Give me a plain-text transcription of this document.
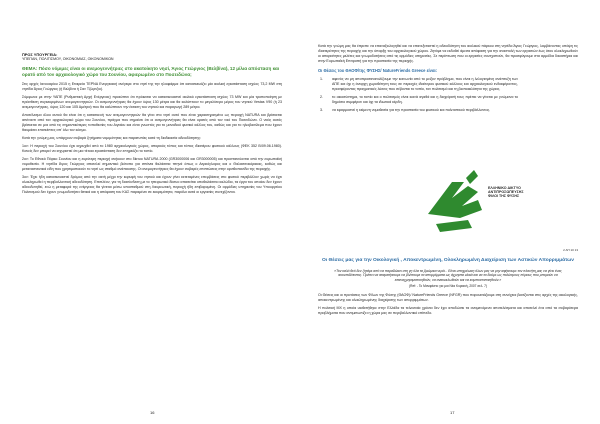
ΠΡΟΣ ΥΠΟΥΡΓΕΙΑ:

ΥΠΕΠΑΝ, ΠΟΛΙΤΙΣΜΟΥ, ΟΙΚΟΝΟΜΙΑΣ, ΟΙΚΟΝΟΜΙΚΩΝ

ΘΕΜΑ: Πόσο νόμιμες είναι οι ανεμογεννήτριες στο ακατοίκητο νησί, Άγιος Γεώργιος (Βελβίνα), 12 μίλια απόσταση και ορατό από τον αρχαιολογικό χώρο του Σουνίου, αφιερωμένο στο Ποσειδώνα;

Στις αρχές Ιανουαρίου 2015 η Εταιρεία ΤΕΡΝΑ Ενεργειακή ανέγειρε στο νησί της την ηλιοφάρμα όπ κατασκευάζει μία αιολική εγκατάσταση ισχύος 73,2 MW στη νησίδα Άγιος Γεώργιος (ή Βελβίνα ή Σαν Τζώρτζιο).

Σύμφωνα με στην ΥΑΠΕ (Ρυθμιστική Αρχή Ενέργειας) προκύπτει ότι πρόκειται να κατασκευαστεί αιολικό εγκατάσταση ισχύος 73 MW και μία τροποποίηση με πρόσθεση συγκεκριμένων ανεμογεννητριών. Οι ανεμογεννήτριες θα έχουν ύψος 130 μέτρα και θα καλύπτουν το μεγαλύτερο μέρος του νησιού Vestas V90 (ή 23 ανεμογεννήτριες, ύψος 120 και 105 Αμέτρα) που θα καλύπτουν την έκταση του νησιού και παραγωγή 289 μέτρα.

Αποτέλεσμα όλου αυτού θα είναι ότι η κατασκευή των ανεμογεννητριών θα γίνει στο νησί αυτό που είναι χαρακτηρισμένο ως περιοχή NATURA και βρίσκεται απέναντι από τον αρχαιολογικό χώρο του Σουνίου, πράγμα που σημαίνει ότι οι ανεμογεννήτριες θα είναι ορατές από τον ναό του Ποσειδώνα. Ο ναός αυτός βρίσκεται σε μια από τις σημαντικότερες τοποθεσίες του Αιγαίου και είναι γνωστός για το μοναδικό φυσικό κάλλος του, καθώς και για το ηλιοβασίλεμα που έχουν θαυμάσει επισκέπτες απ' όλο τον κόσμο.

Κατά την γνώμη μας, υπάρχουν σοβαρά ζητήματα νομιμότητας και παρατυπίες κατά τη διαδικασία αδειοδότησης:

1ον: Η περιοχή του Σουνίου έχει κηρυχθεί από το 1980 αρχαιολογικός χώρος, ιστορικός τόπος και τόπος ιδιαιτέρου φυσικού κάλλους (ΦΕΚ 352 Β/09.06.1980). Κανείς δεν μπορεί να ισχυριστεί ότι μια τέτοια εγκατάσταση δεν επηρεάζει το τοπίο.

2ον: Το Εθνικό Πάρκο Σουνίου και η ευρύτερη περιοχή ανήκουν στο δίκτυο NATURA 2000 (GR3000006 και GR3000005) και προστατεύονται από την ευρωπαϊκή νομοθεσία. Η νησίδα Άγιος Γεώργιος αποτελεί σημαντικό βιότοπο για σπάνια θαλάσσια πτηνά όπως ο Αιγαιόγλαρος και ο Θαλασσοκόρακας, καθώς και μεταναστευτικά είδη που χρησιμοποιούν το νησί ως σταθμό ανάπαυσης. Οι ανεμογεννήτριες θα έχουν σοβαρές επιπτώσεις στην ορνιθοπανίδα της περιοχής.

3ον: Έχει ήδη κατασκευαστεί δρόμος από την ακτή μέχρι την κορυφή του νησιού και έχουν γίνει εκτεταμένες επεμβάσεις στο φυσικό περιβάλλον χωρίς να έχει ολοκληρωθεί η περιβαλλοντική αδειοδότηση. Επιπλέον, για τη διασύνδεση με το ηπειρωτικό δίκτυο απαιτείται υποθαλάσσιο καλώδιο, τα έργα του οποίου δεν έχουν αδειοδοτηθεί, ενώ η μεταφορά της ενέργειας θα γίνεται μέσω υποσταθμού στη Λαυρεωτική, περιοχή ήδη επιβαρυμένη. Οι αρμόδιες υπηρεσίες του Υπουργείου Πολιτισμού δεν έχουν γνωμοδοτήσει θετικά και η απόφαση του ΚΑΣ παραμένει σε εκκρεμότητα, παρόλα αυτά οι εργασίες συνεχίζονται.

16

Κατά την γνώμη μας θα έπρεπε να επαναξιολογηθεί και να επανεξεταστεί η αδειοδότηση του αιολικού πάρκου στη νησίδα Άγιος Γεώργιος, λαμβάνοντας υπόψη τις ιδιαιτερότητες της περιοχής και την ύπαρξη του αρχαιολογικού χώρου. Ζητάμε να εκδοθεί άμεσα απόφαση για την αναστολή των εργασιών έως ότου ολοκληρωθούν οι απαραίτητες μελέτες και γνωμοδοτήσεις από τις αρμόδιες υπηρεσίες. Σε περίπτωση που οι εργασίες συνεχιστούν, θα προσφύγουμε στα αρμόδια δικαστήρια και στην Ευρωπαϊκή Επιτροπή για την προστασία της περιοχής.

Οι Θέσεις του ΘΑΟΦ/της ΦΥΣΗΣ/ NatureFriends Greece είναι:

1.	αφενός να μη αποπροσανατολίζουμε την κοινωνία από το μείζον πρόβλημα, που είναι η λελογισμένη ανάπτυξη των ΑΠΕ και όχι η άναρχη χωροθέτηση τους σε περιοχές ιδιαίτερου φυσικού κάλλους και αρχαιολογικού ενδιαφέροντος, προσφέροντας πραγματικές λύσεις που σέβονται το τοπίο, τον πολιτισμό και τη βιοποικιλότητα της χώρας.
2.	το οικοσύστημα, το τοπίο και ο πολιτισμός είναι κοινά αγαθά και η διαχείρισή τους πρέπει να γίνεται με γνώμονα το δημόσιο συμφέρον και όχι τα ιδιωτικά κέρδη.
3.	να εφαρμοστεί η κείμενη νομοθεσία για την προστασία του φυσικού και πολιτιστικού περιβάλλοντος.
ΕΛΛΗΝΙΚΟ ΔΙΚΤΥΟ
ΑΝΤΙΠΡΟΣΩΠΕΥΣΗΣ
ΦΙΛΟΙ ΤΗΣ ΦΥΣΗΣ
2 ΑΠ 10 13

Οι Θέσεις μας για την Οικολογική , Αποκεντρωμένη, Ολοκληρωμένη Διαχείριση των Αστικών Απορριμμάτων

«Τον καλό θεό δεν ζητάμε από να παραδώσει στη γη όλα τα βρώμικα νερά... Είναι υποχρέωση όλων μας να μην αφήσουμε τον πλανήτη μας να γίνει ένας σκουπιδότοπος. Πρέπει να σταματήσουμε να βλέπουμε τα απορρίμματα ως άχρηστα υλικά και να τα δούμε ως πολύτιμους πόρους που μπορούν να επαναχρησιμοποιηθούν, να ανακυκλωθούν και να κομποστοποιηθούν.»

(Ref: - Το Μανιφέστο για μια Νέα Κυριακή, 2007 σελ. 7)

Οι Θέσεις και οι προτάσεις των Φίλων της Φύσης (ΘΑΟΦ)/ NatureFriends Greece (NFGR) που παρουσιάζουμε στη συνέχεια βασίζονται στις αρχές της οικολογικής, αποκεντρωμένης και ολοκληρωμένης διαχείρισης των απορριμμάτων.

Η πολιτική ΜΧ η οποία υιοθετήθηκε στην Ελλάδα τα τελευταία χρόνια δεν έχει αποδώσει τα αναμενόμενα αποτελέσματα και αποτελεί ένα από τα σοβαρότερα προβλήματα που αντιμετωπίζει η χώρα μας σε περιβαλλοντικό επίπεδο.

17
